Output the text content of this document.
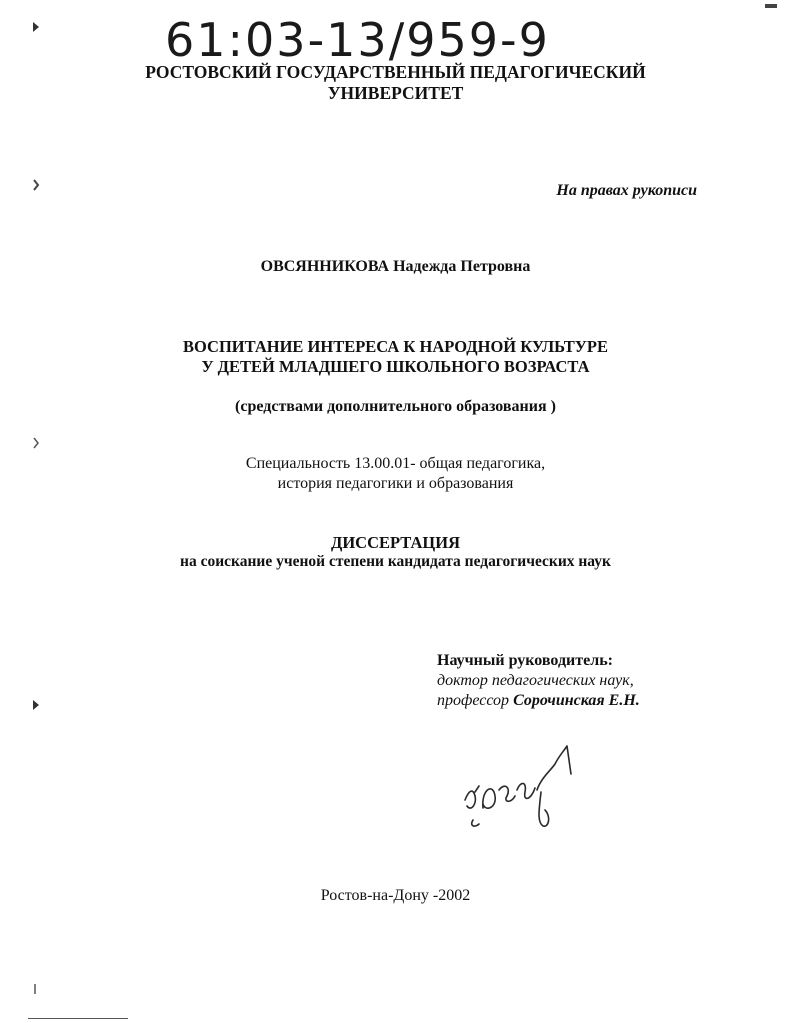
61:03-13/959-9
РОСТОВСКИЙ ГОСУДАРСТВЕННЫЙ ПЕДАГОГИЧЕСКИЙ
УНИВЕРСИТЕТ
На правах рукописи
ОВСЯННИКОВА Надежда Петровна
ВОСПИТАНИЕ ИНТЕРЕСА К НАРОДНОЙ КУЛЬТУРЕ
У ДЕТЕЙ МЛАДШЕГО ШКОЛЬНОГО ВОЗРАСТА
(средствами дополнительного образования )
Специальность 13.00.01- общая педагогика,
история педагогики и образования
ДИССЕРТАЦИЯ
на соискание ученой степени кандидата педагогических наук
Научный руководитель:
доктор педагогических наук,
профессор Сорочинская Е.Н.
Ростов-на-Дону -2002
